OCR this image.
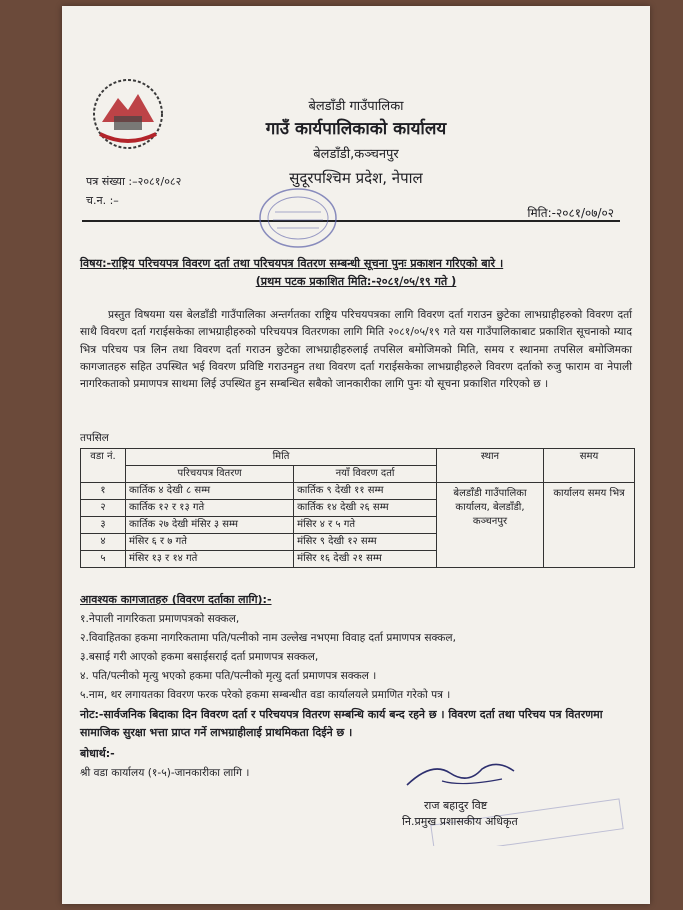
बेलडाँडी गाउँपालिका
गाउँ कार्यपालिकाको कार्यालय
बेलडाँडी,कञ्चनपुर
सुदूरपश्चिम प्रदेश, नेपाल
पत्र संख्या :–२०८१/०८२
च.न. :–
मिति:-२०८१/०७/०२
विषय:-राष्ट्रिय परिचयपत्र विवरण दर्ता तथा परिचयपत्र वितरण सम्बन्धी सूचना पुनः प्रकाशन गरिएको बारे ।
(प्रथम पटक प्रकाशित मिति:-२०८१/०५/१९ गते )
प्रस्तुत विषयमा यस बेलडाँडी गाउँपालिका अन्तर्गतका राष्ट्रिय परिचयपत्रका लागि विवरण दर्ता गराउन छुटेका लाभग्राहीहरुको विवरण दर्ता साथै विवरण दर्ता गराईसकेका लाभग्राहीहरुको परिचयपत्र वितरणका लागि मिति २०८१/०५/१९ गते यस गाउँपालिकाबाट प्रकाशित सूचनाको म्याद भित्र परिचय पत्र लिन तथा विवरण दर्ता गराउन छुटेका लाभग्राहीहरुलाई तपसिल बमोजिमको मिति, समय र स्थानमा तपसिल बमोजिमका कागजातहरु सहित उपस्थित भई विवरण प्रविष्टि गराउनहुन तथा विवरण दर्ता गराईसकेका लाभग्राहीहरुले विवरण दर्ताको रुजु फाराम वा नेपाली नागरिकताको प्रमाणपत्र साथमा लिई उपस्थित हुन सम्बन्धित सबैको जानकारीका लागि पुनः यो सूचना प्रकाशित गरिएको छ ।
तपसिल
वडा नं.	मिति		स्थान	समय
	परिचयपत्र वितरण	नयाँ विवरण दर्ता		
१	कार्तिक ४ देखी ८ सम्म	कार्तिक ९ देखी ११ सम्म	बेलडाँडी गाउँपालिका कार्यालय, बेलडाँडी, कञ्चनपुर	कार्यालय समय भित्र
२	कार्तिक १२ र १३ गते	कार्तिक १४ देखी २६ सम्म		
३	कार्तिक २७ देखी मंसिर ३ सम्म	मंसिर ४ र ५ गते		
४	मंसिर ६ र ७ गते	मंसिर ९ देखी १२ सम्म		
५	मंसिर १३ र १४ गते	मंसिर १६ देखी २१ सम्म		
आवश्यक कागजातहरु (विवरण दर्ताका लागि):-
१.नेपाली नागरिकता प्रमाणपत्रको सक्कल,
२.विवाहितका हकमा नागरिकतामा पति/पत्नीको नाम उल्लेख नभएमा विवाह दर्ता प्रमाणपत्र सक्कल,
३.बसाई गरी आएको हकमा बसाईसराई दर्ता प्रमाणपत्र सक्कल,
४. पति/पत्नीको मृत्यु भएको हकमा पति/पत्नीको मृत्यु दर्ता प्रमाणपत्र सक्कल ।
५.नाम, थर लगायतका विवरण फरक परेको हकमा सम्बन्धीत वडा कार्यालयले प्रमाणित गरेको पत्र ।
नोट:-सार्वजनिक बिदाका दिन विवरण दर्ता र परिचयपत्र वितरण सम्बन्धि कार्य बन्द रहने छ । विवरण दर्ता तथा परिचय पत्र वितरणमा सामाजिक सुरक्षा भत्ता प्राप्त गर्ने लाभग्राहीलाई प्राथमिकता दिईने छ ।
बोधार्थ:-
श्री वडा कार्यालय (१-५)-जानकारीका लागि ।
राज बहादुर विष्ट
नि.प्रमुख प्रशासकीय अधिकृत
